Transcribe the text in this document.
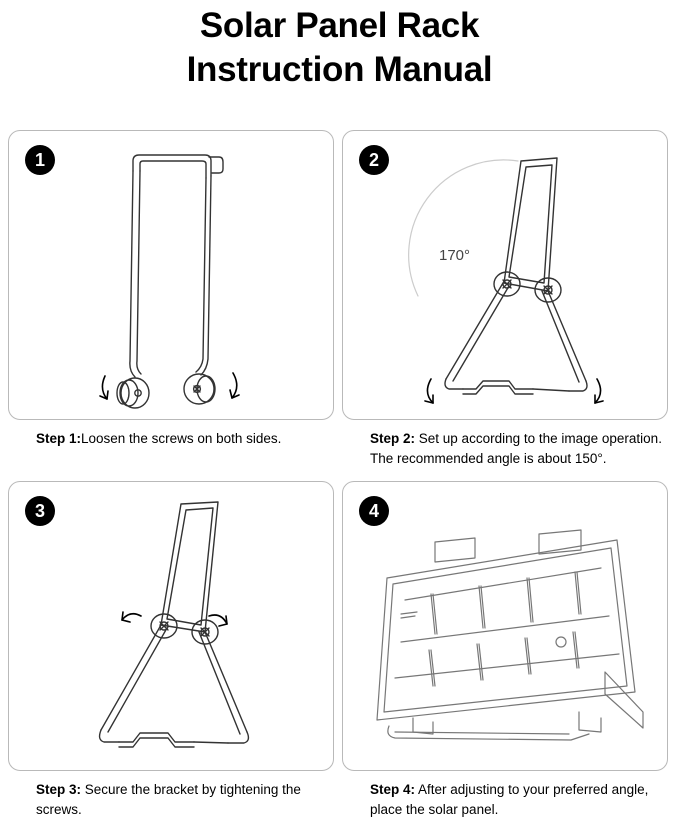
Solar Panel Rack
Instruction Manual
1
Step 1:Loosen the screws on both sides.
2
170°
Step 2: Set up according to the image operation. The recommended angle is about 150°.
3
Step 3: Secure the bracket by tightening the screws.
4
Step 4: After adjusting to your preferred angle, place the solar panel.
